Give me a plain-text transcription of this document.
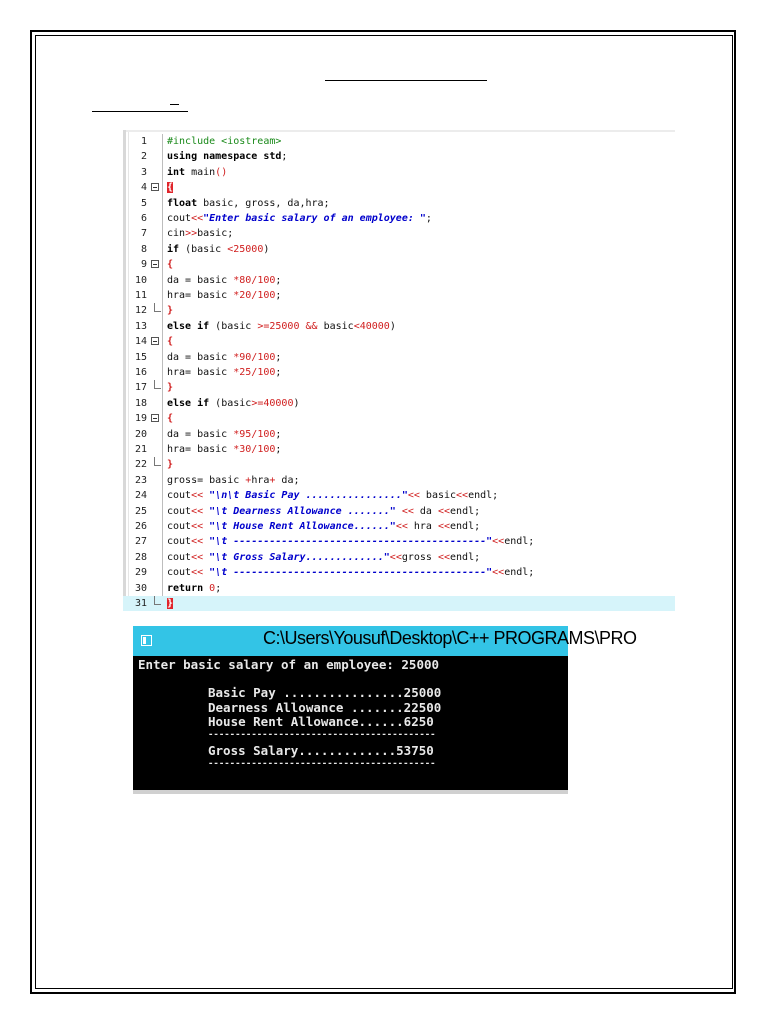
1 #include <iostream>
2 using namespace std;
3 int main()
4 {
5 float basic, gross, da,hra;
6 cout<<"Enter basic salary of an employee: ";
7 cin>>basic;
8 if (basic <25000)
9 {
10 da = basic *80/100;
11 hra= basic *20/100;
12 }
13 else if (basic >=25000 && basic<40000)
14 {
15 da = basic *90/100;
16 hra= basic *25/100;
17 }
18 else if (basic>=40000)
19 {
20 da = basic *95/100;
21 hra= basic *30/100;
22 }
23 gross= basic +hra+ da;
24 cout<< "\n\t Basic Pay ................"<< basic<<endl;
25 cout<< "\t Dearness Allowance ......." << da <<endl;
26 cout<< "\t House Rent Allowance......"<< hra <<endl;
27 cout<< "\t ------------------------------------------"<<endl;
28 cout<< "\t Gross Salary............."<<gross <<endl;
29 cout<< "\t ------------------------------------------"<<endl;
30 return 0;
31 }
C:\Users\Yousuf\Desktop\C++ PROGRAMS\PRO
Enter basic salary of an employee: 25000
Basic Pay ................25000
Dearness Allowance .......22500
House Rent Allowance......6250
------------------------------------------
Gross Salary.............53750
------------------------------------------
